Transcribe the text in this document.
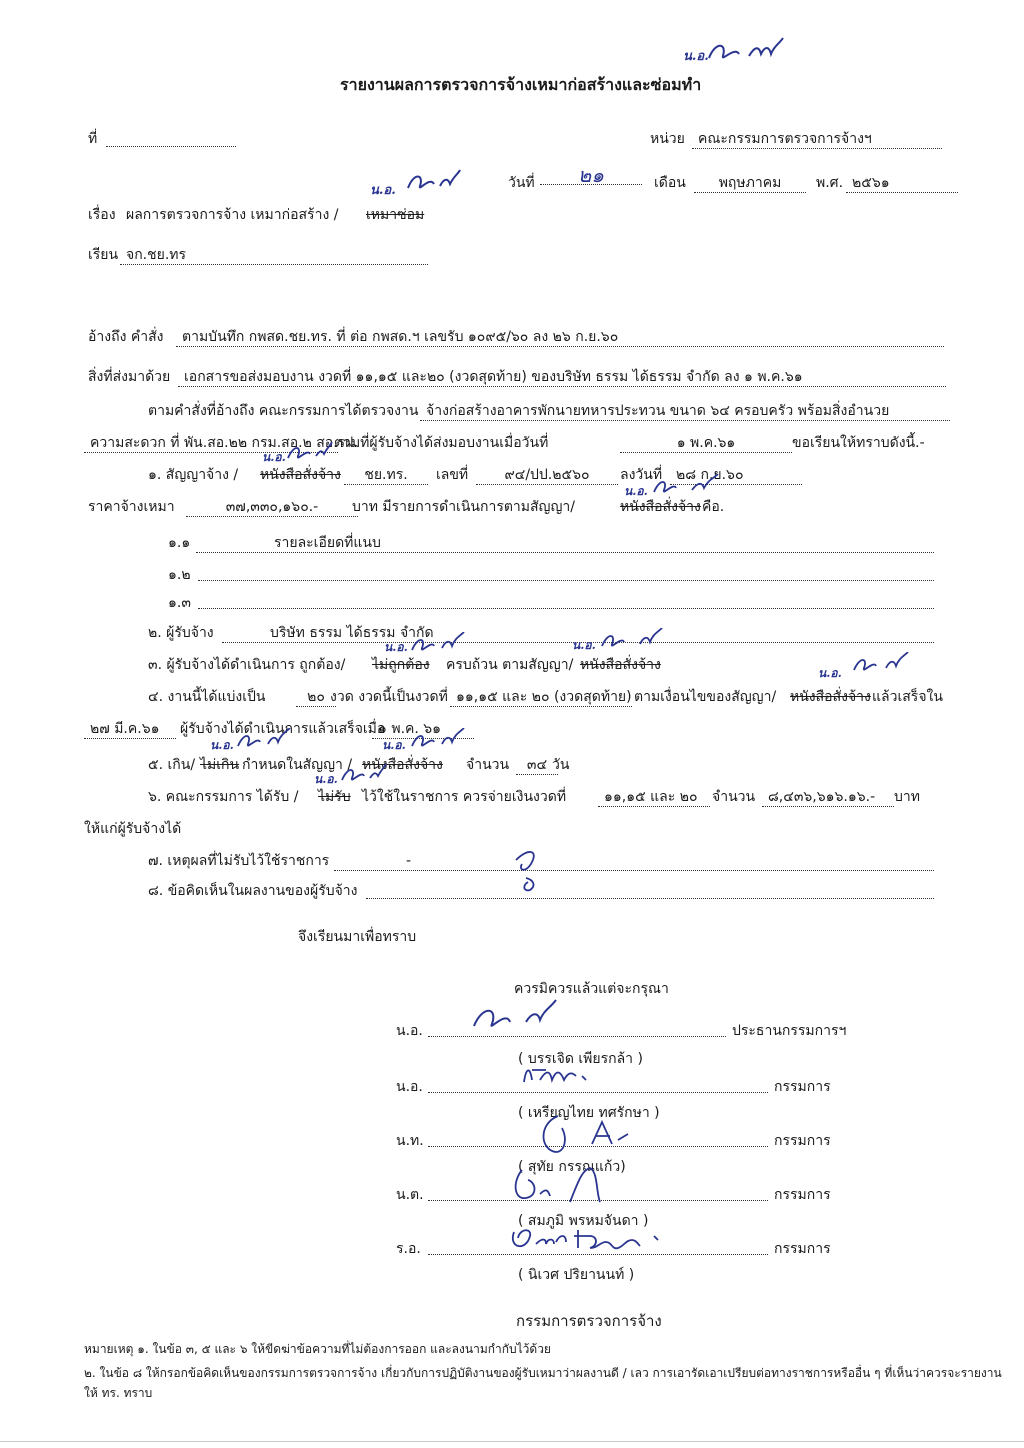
น.อ.
รายงานผลการตรวจการจ้างเหมาก่อสร้างและซ่อมทำ
ที่	หน่วย คณะกรรมการตรวจการจ้างฯ
น.อ.	วันที่	๒๑	เดือน	พฤษภาคม	พ.ศ. ๒๕๖๑
เรื่อง ผลการตรวจการจ้าง เหมาก่อสร้าง / เหมาซ่อม
เรียน จก.ชย.ทร
อ้างถึง คำสั่ง	ตามบันทึก กพสด.ชย.ทร. ที่ ต่อ กพสด.ฯ เลขรับ ๑๐๙๕/๖๐ ลง ๒๖ ก.ย.๖๐
สิ่งที่ส่งมาด้วย เอกสารขอส่งมอบงาน งวดที่ ๑๑,๑๕ และ๒๐ (งวดสุดท้าย) ของบริษัท ธรรม ได้ธรรม จำกัด ลง ๑ พ.ค.๖๑
ตามคำสั่งที่อ้างถึง คณะกรรมการได้ตรวจงาน จ้างก่อสร้างอาคารพักนายทหารประทวน ขนาด ๖๔ ครอบครัว พร้อมสิ่งอำนวย
ความสะดวก ที่ พัน.สอ.๒๒ กรม.สอ.๒ สอ.รฝ.
ตามที่ผู้รับจ้างได้ส่งมอบงานเมื่อวันที่	๑ พ.ค.๖๑	ขอเรียนให้ทราบดังนี้.-
น.อ.
๑. สัญญาจ้าง / หนังสือสั่งจ้าง	ชย.ทร.	เลขที่	๙๔/ปป.๒๕๖๐	ลงวันที่ ๒๘ ก.ย.๖๐
น.อ.
ราคาจ้างเหมา	๓๗,๓๓๐,๑๖๐.-	บาท มีรายการดำเนินการตามสัญญา/	หนังสือสั่งจ้าง คือ.
๑.๑	รายละเอียดที่แนบ
๑.๒
๑.๓
๒. ผู้รับจ้าง	บริษัท ธรรม ได้ธรรม จำกัด
น.อ.	น.อ.
๓. ผู้รับจ้างได้ดำเนินการ ถูกต้อง/ ไม่ถูกต้อง ครบถ้วน ตามสัญญา/ หนังสือสั่งจ้าง	น.อ.
๔. งานนี้ได้แบ่งเป็น	๒๐ งวด งวดนี้เป็นงวดที่ ๑๑,๑๕ และ ๒๐ (งวดสุดท้าย) ตามเงื่อนไขของสัญญา/ หนังสือสั่งจ้าง แล้วเสร็จใน
๒๗ มี.ค.๖๑	ผู้รับจ้างได้ดำเนินการแล้วเสร็จเมื่อ
๑ พ.ค. ๖๑
น.อ.	น.อ.
๕. เกิน/ ไม่เกิน กำหนดในสัญญา / หนังสือสั่งจ้าง จำนวน	๓๔ วัน
น.อ.
๖. คณะกรรมการ ได้รับ / ไม่รับ ไว้ใช้ในราชการ ควรจ่ายเงินงวดที่	๑๑,๑๕ และ ๒๐	จำนวน ๘,๔๓๖,๖๑๖.๑๖.-	บาท
ให้แก่ผู้รับจ้างได้
๗. เหตุผลที่ไม่รับไว้ใช้ราชการ	-
๘. ข้อคิดเห็นในผลงานของผู้รับจ้าง
จึงเรียนมาเพื่อทราบ
ควรมิควรแล้วแต่จะกรุณา
น.อ.	ประธานกรรมการฯ
( บรรเจิด เพียรกล้า )
น.อ.	กรรมการ
( เหรียญไทย ทศรักษา )
น.ท.	กรรมการ
( สุทัย กรรณแก้ว)
น.ต.	กรรมการ
( สมภูมิ พรหมจันดา )
ร.อ.	กรรมการ
( นิเวศ ปริยานนท์ )
กรรมการตรวจการจ้าง
หมายเหตุ ๑. ในข้อ ๓, ๕ และ ๖ ให้ขีดฆ่าข้อความที่ไม่ต้องการออก และลงนามกำกับไว้ด้วย
๒. ในข้อ ๘ ให้กรอกข้อคิดเห็นของกรรมการตรวจการจ้าง เกี่ยวกับการปฏิบัติงานของผู้รับเหมาว่าผลงานดี / เลว การเอารัดเอาเปรียบต่อทางราชการหรืออื่น ๆ ที่เห็นว่าควรจะรายงาน
ให้ ทร. ทราบ
